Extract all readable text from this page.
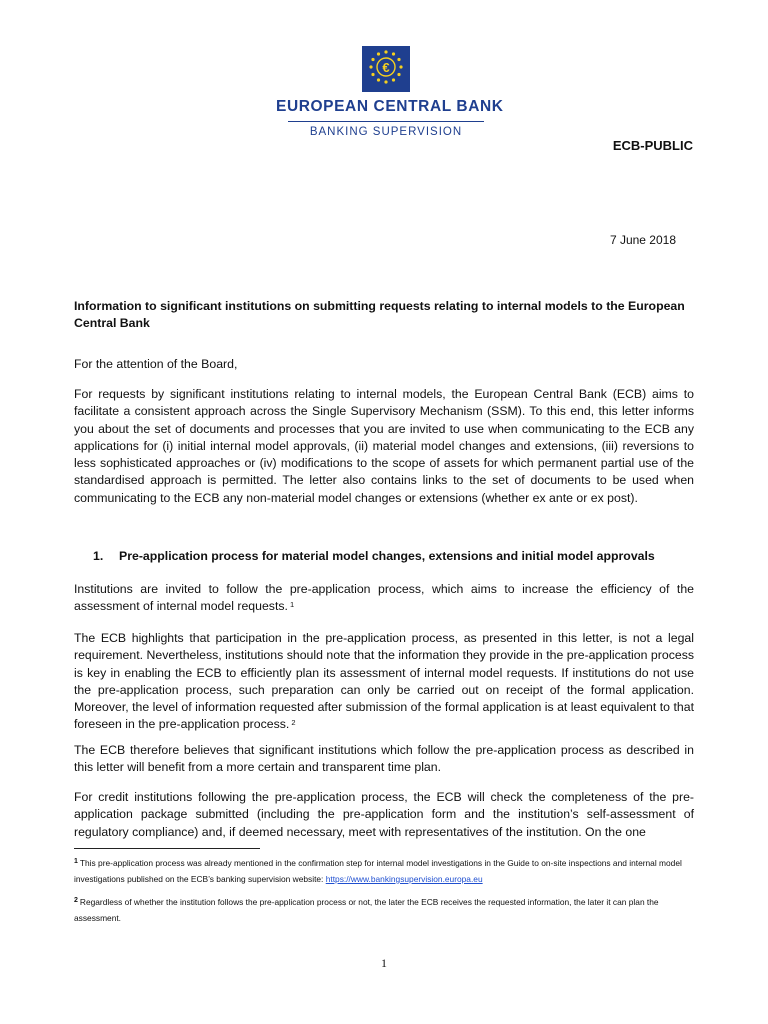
€
EUROPEAN CENTRAL BANK
BANKING SUPERVISION
ECB-PUBLIC
7 June 2018
Information to significant institutions on submitting requests relating to internal models to the European Central Bank
For the attention of the Board,
For requests by significant institutions relating to internal models, the European Central Bank (ECB) aims to facilitate a consistent approach across the Single Supervisory Mechanism (SSM). To this end, this letter informs you about the set of documents and processes that you are invited to use when communicating to the ECB any applications for (i) initial internal model approvals, (ii) material model changes and extensions, (iii) reversions to less sophisticated approaches or (iv) modifications to the scope of assets for which permanent partial use of the standardised approach is permitted. The letter also contains links to the set of documents to be used when communicating to the ECB any non-material model changes or extensions (whether ex ante or ex post).
1. Pre-application process for material model changes, extensions and initial model approvals
Institutions are invited to follow the pre-application process, which aims to increase the efficiency of the assessment of internal model requests. $^1$
The ECB highlights that participation in the pre-application process, as presented in this letter, is not a legal requirement. Nevertheless, institutions should note that the information they provide in the pre-application process is key in enabling the ECB to efficiently plan its assessment of internal model requests. If institutions do not use the pre-application process, such preparation can only be carried out on receipt of the formal application. Moreover, the level of information requested after submission of the formal application is at least equivalent to that foreseen in the pre-application process. $^2$
The ECB therefore believes that significant institutions which follow the pre-application process as described in this letter will benefit from a more certain and transparent time plan.
For credit institutions following the pre-application process, the ECB will check the completeness of the pre-application package submitted (including the pre-application form and the institution’s self-assessment of regulatory compliance) and, if deemed necessary, meet with representatives of the institution. On the one
$^1$ This pre-application process was already mentioned in the confirmation step for internal model investigations in the Guide to on-site inspections and internal model investigations published on the ECB’s banking supervision website: https://www.bankingsupervision.europa.eu
$^2$ Regardless of whether the institution follows the pre-application process or not, the later the ECB receives the requested information, the later it can plan the assessment.
1
